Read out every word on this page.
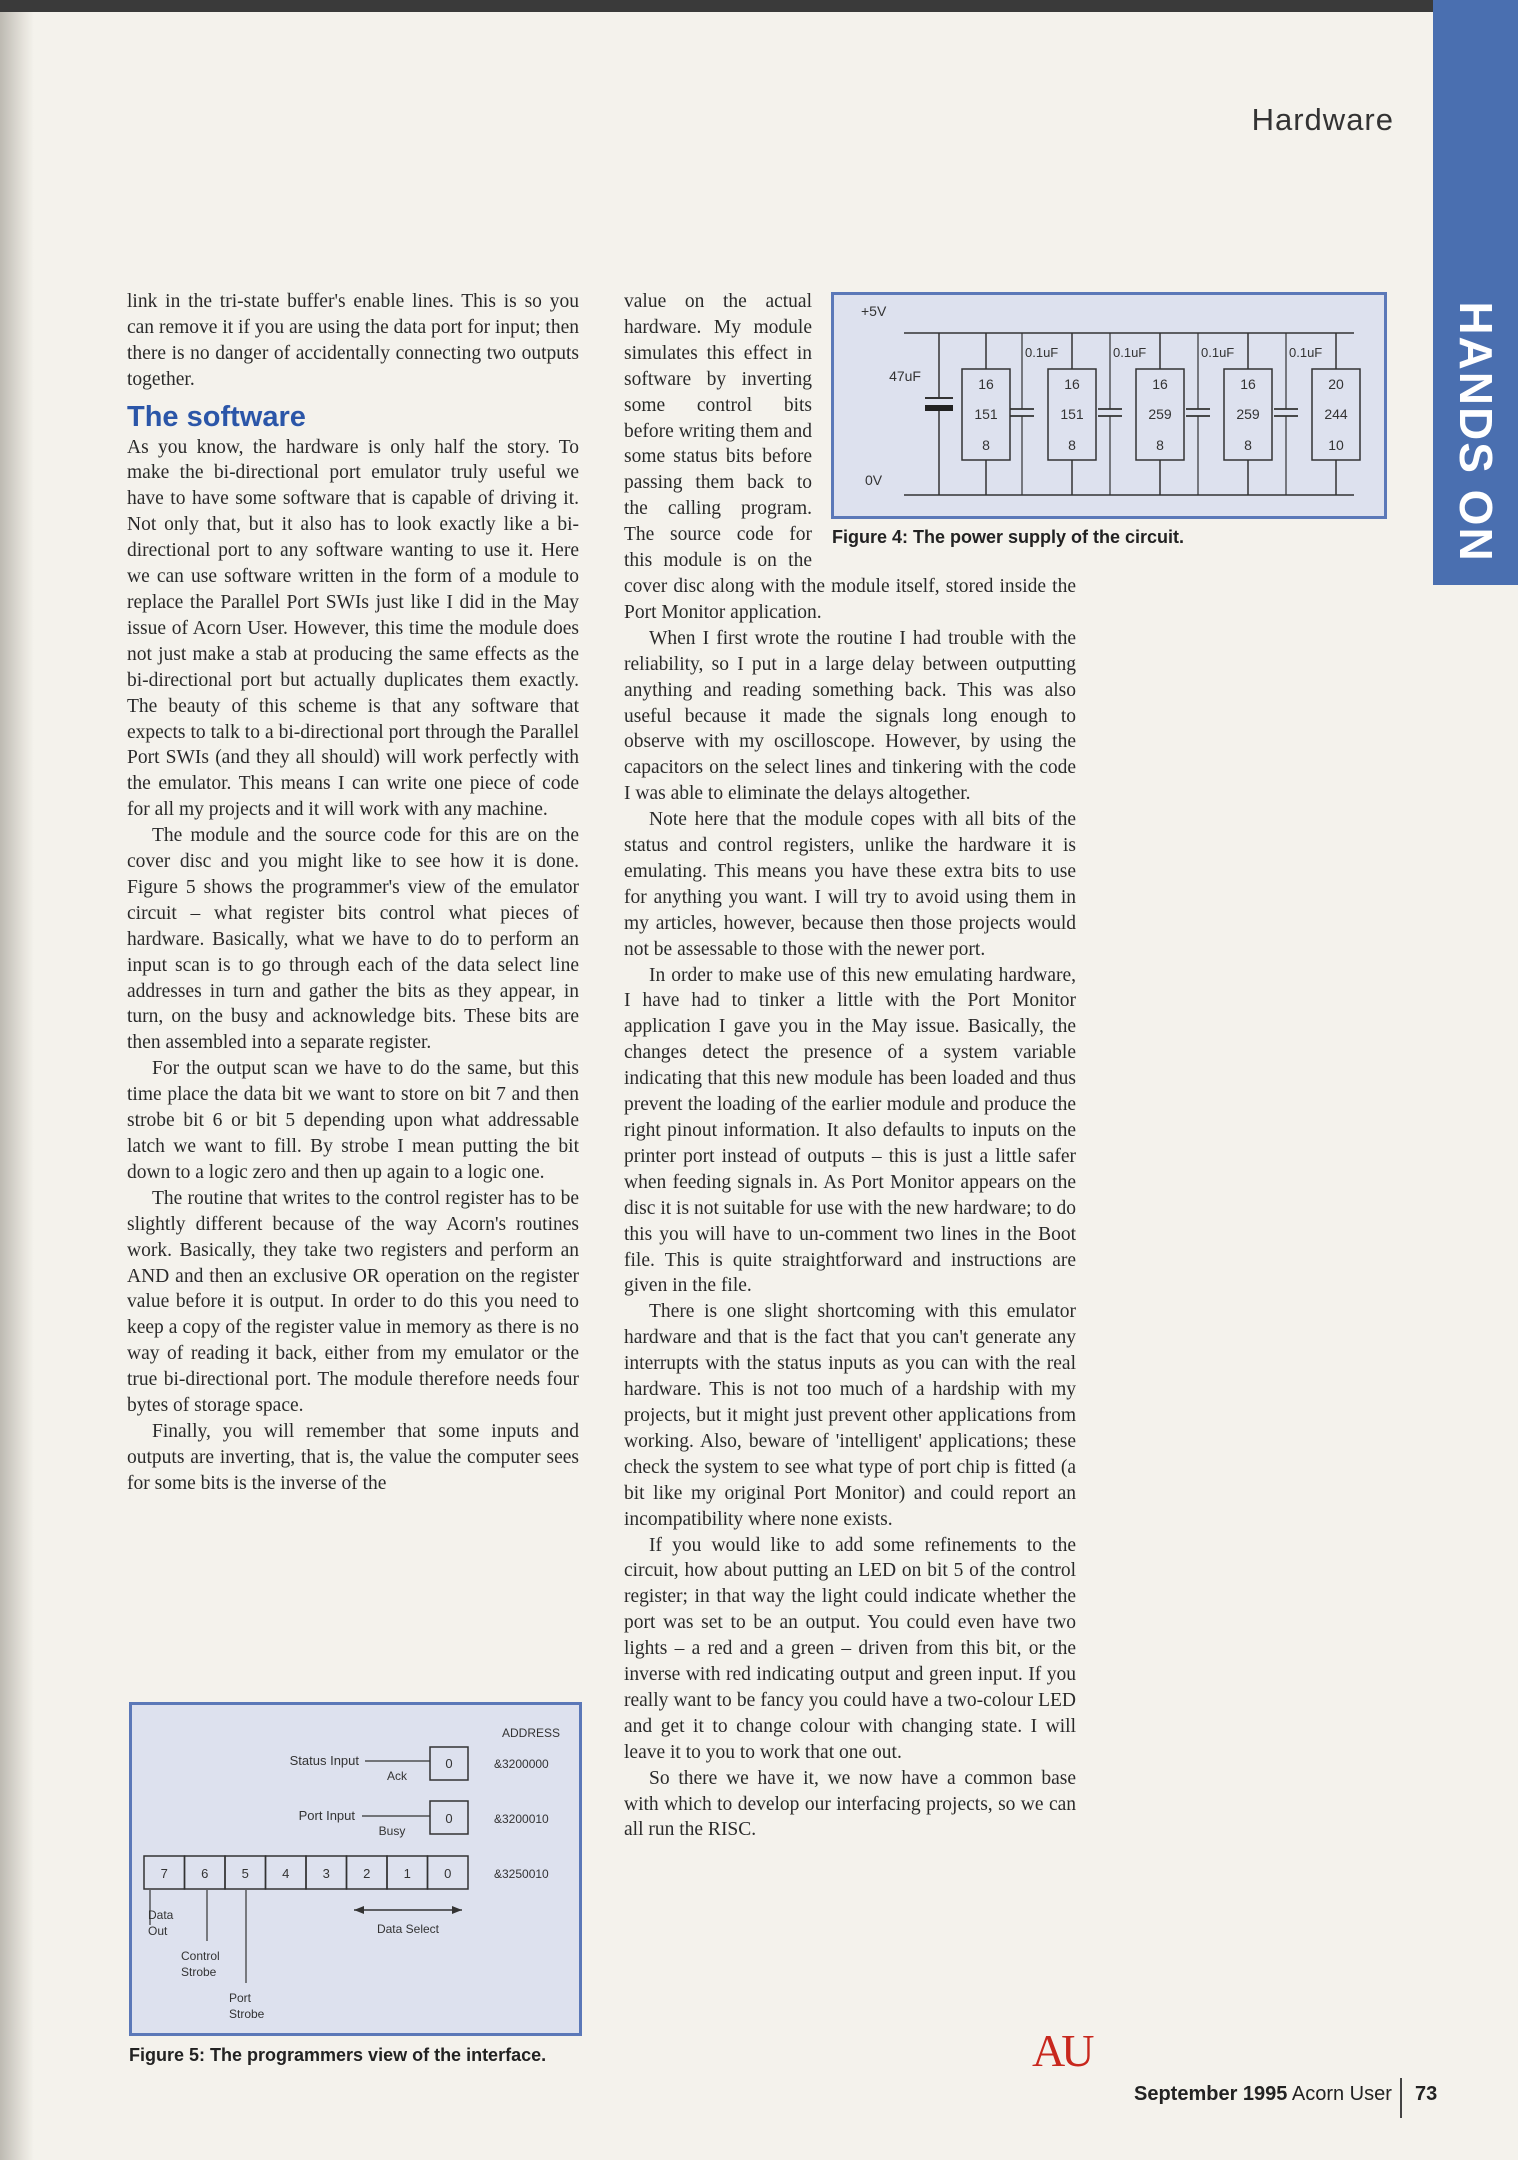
Hardware
HANDS ON

link in the tri-state buffer's enable lines. This is so you can remove it if you are using the data port for input; then there is no danger of accidentally connecting two outputs together.

The software

As you know, the hardware is only half the story. To make the bi-directional port emulator truly useful we have to have some software that is capable of driving it. Not only that, but it also has to look exactly like a bi-directional port to any software wanting to use it. Here we can use software written in the form of a module to replace the Parallel Port SWIs just like I did in the May issue of Acorn User. However, this time the module does not just make a stab at producing the same effects as the bi-directional port but actually duplicates them exactly. The beauty of this scheme is that any software that expects to talk to a bi-directional port through the Parallel Port SWIs (and they all should) will work perfectly with the emulator. This means I can write one piece of code for all my projects and it will work with any machine.

The module and the source code for this are on the cover disc and you might like to see how it is done. Figure 5 shows the programmer's view of the emulator circuit – what register bits control what pieces of hardware. Basically, what we have to do to perform an input scan is to go through each of the data select line addresses in turn and gather the bits as they appear, in turn, on the busy and acknowledge bits. These bits are then assembled into a separate register.

For the output scan we have to do the same, but this time place the data bit we want to store on bit 7 and then strobe bit 6 or bit 5 depending upon what addressable latch we want to fill. By strobe I mean putting the bit down to a logic zero and then up again to a logic one.

The routine that writes to the control register has to be slightly different because of the way Acorn's routines work. Basically, they take two registers and perform an AND and then an exclusive OR operation on the register value before it is output. In order to do this you need to keep a copy of the register value in memory as there is no way of reading it back, either from my emulator or the true bi-directional port. The module therefore needs four bytes of storage space.

Finally, you will remember that some inputs and outputs are inverting, that is, the value the computer sees for some bits is the inverse of the

value on the actual hardware. My module simulates this effect in software by inverting some control bits before writing them and some status bits before passing them back to the calling program. The source code for this module is on the cover disc along with the module itself, stored inside the Port Monitor application.

When I first wrote the routine I had trouble with the reliability, so I put in a large delay between outputting anything and reading something back. This was also useful because it made the signals long enough to observe with my oscilloscope. However, by using the capacitors on the select lines and tinkering with the code I was able to eliminate the delays altogether.

Note here that the module copes with all bits of the status and control registers, unlike the hardware it is emulating. This means you have these extra bits to use for anything you want. I will try to avoid using them in my articles, however, because then those projects would not be assessable to those with the newer port.

In order to make use of this new emulating hardware, I have had to tinker a little with the Port Monitor application I gave you in the May issue. Basically, the changes detect the presence of a system variable indicating that this new module has been loaded and thus prevent the loading of the earlier module and produce the right pinout information. It also defaults to inputs on the printer port instead of outputs – this is just a little safer when feeding signals in. As Port Monitor appears on the disc it is not suitable for use with the new hardware; to do this you will have to un-comment two lines in the Boot file. This is quite straightforward and instructions are given in the file.

There is one slight shortcoming with this emulator hardware and that is the fact that you can't generate any interrupts with the status inputs as you can with the real hardware. This is not too much of a hardship with my projects, but it might just prevent other applications from working. Also, beware of 'intelligent' applications; these check the system to see what type of port chip is fitted (a bit like my original Port Monitor) and could report an incompatibility where none exists.

If you would like to add some refinements to the circuit, how about putting an LED on bit 5 of the control register; in that way the light could indicate whether the port was set to be an output. You could even have two lights – a red and a green – driven from this bit, or the inverse with red indicating output and green input. If you really want to be fancy you could have a two-colour LED and get it to change colour with changing state. I will leave it to you to work that one out.

So there we have it, we now have a common base with which to develop our interfacing projects, so we can all run the RISC.

+5V
0V
47uF	16
151
8
16
151
8
16
259
8
16
259
8
20
244
10
0.1uF	0.1uF	0.1uF	0.1uF
Figure 4: The power supply of the circuit.
ADDRESS
Status Input
Ack
0	&3200000
Port Input
Busy
0	&3200010
7	6	5	4	3	2	1	0	&3250010
Data
Out
Control
Strobe
Port
Strobe
Data Select
Figure 5: The programmers view of the interface.	AU
September 1995 Acorn User 73
